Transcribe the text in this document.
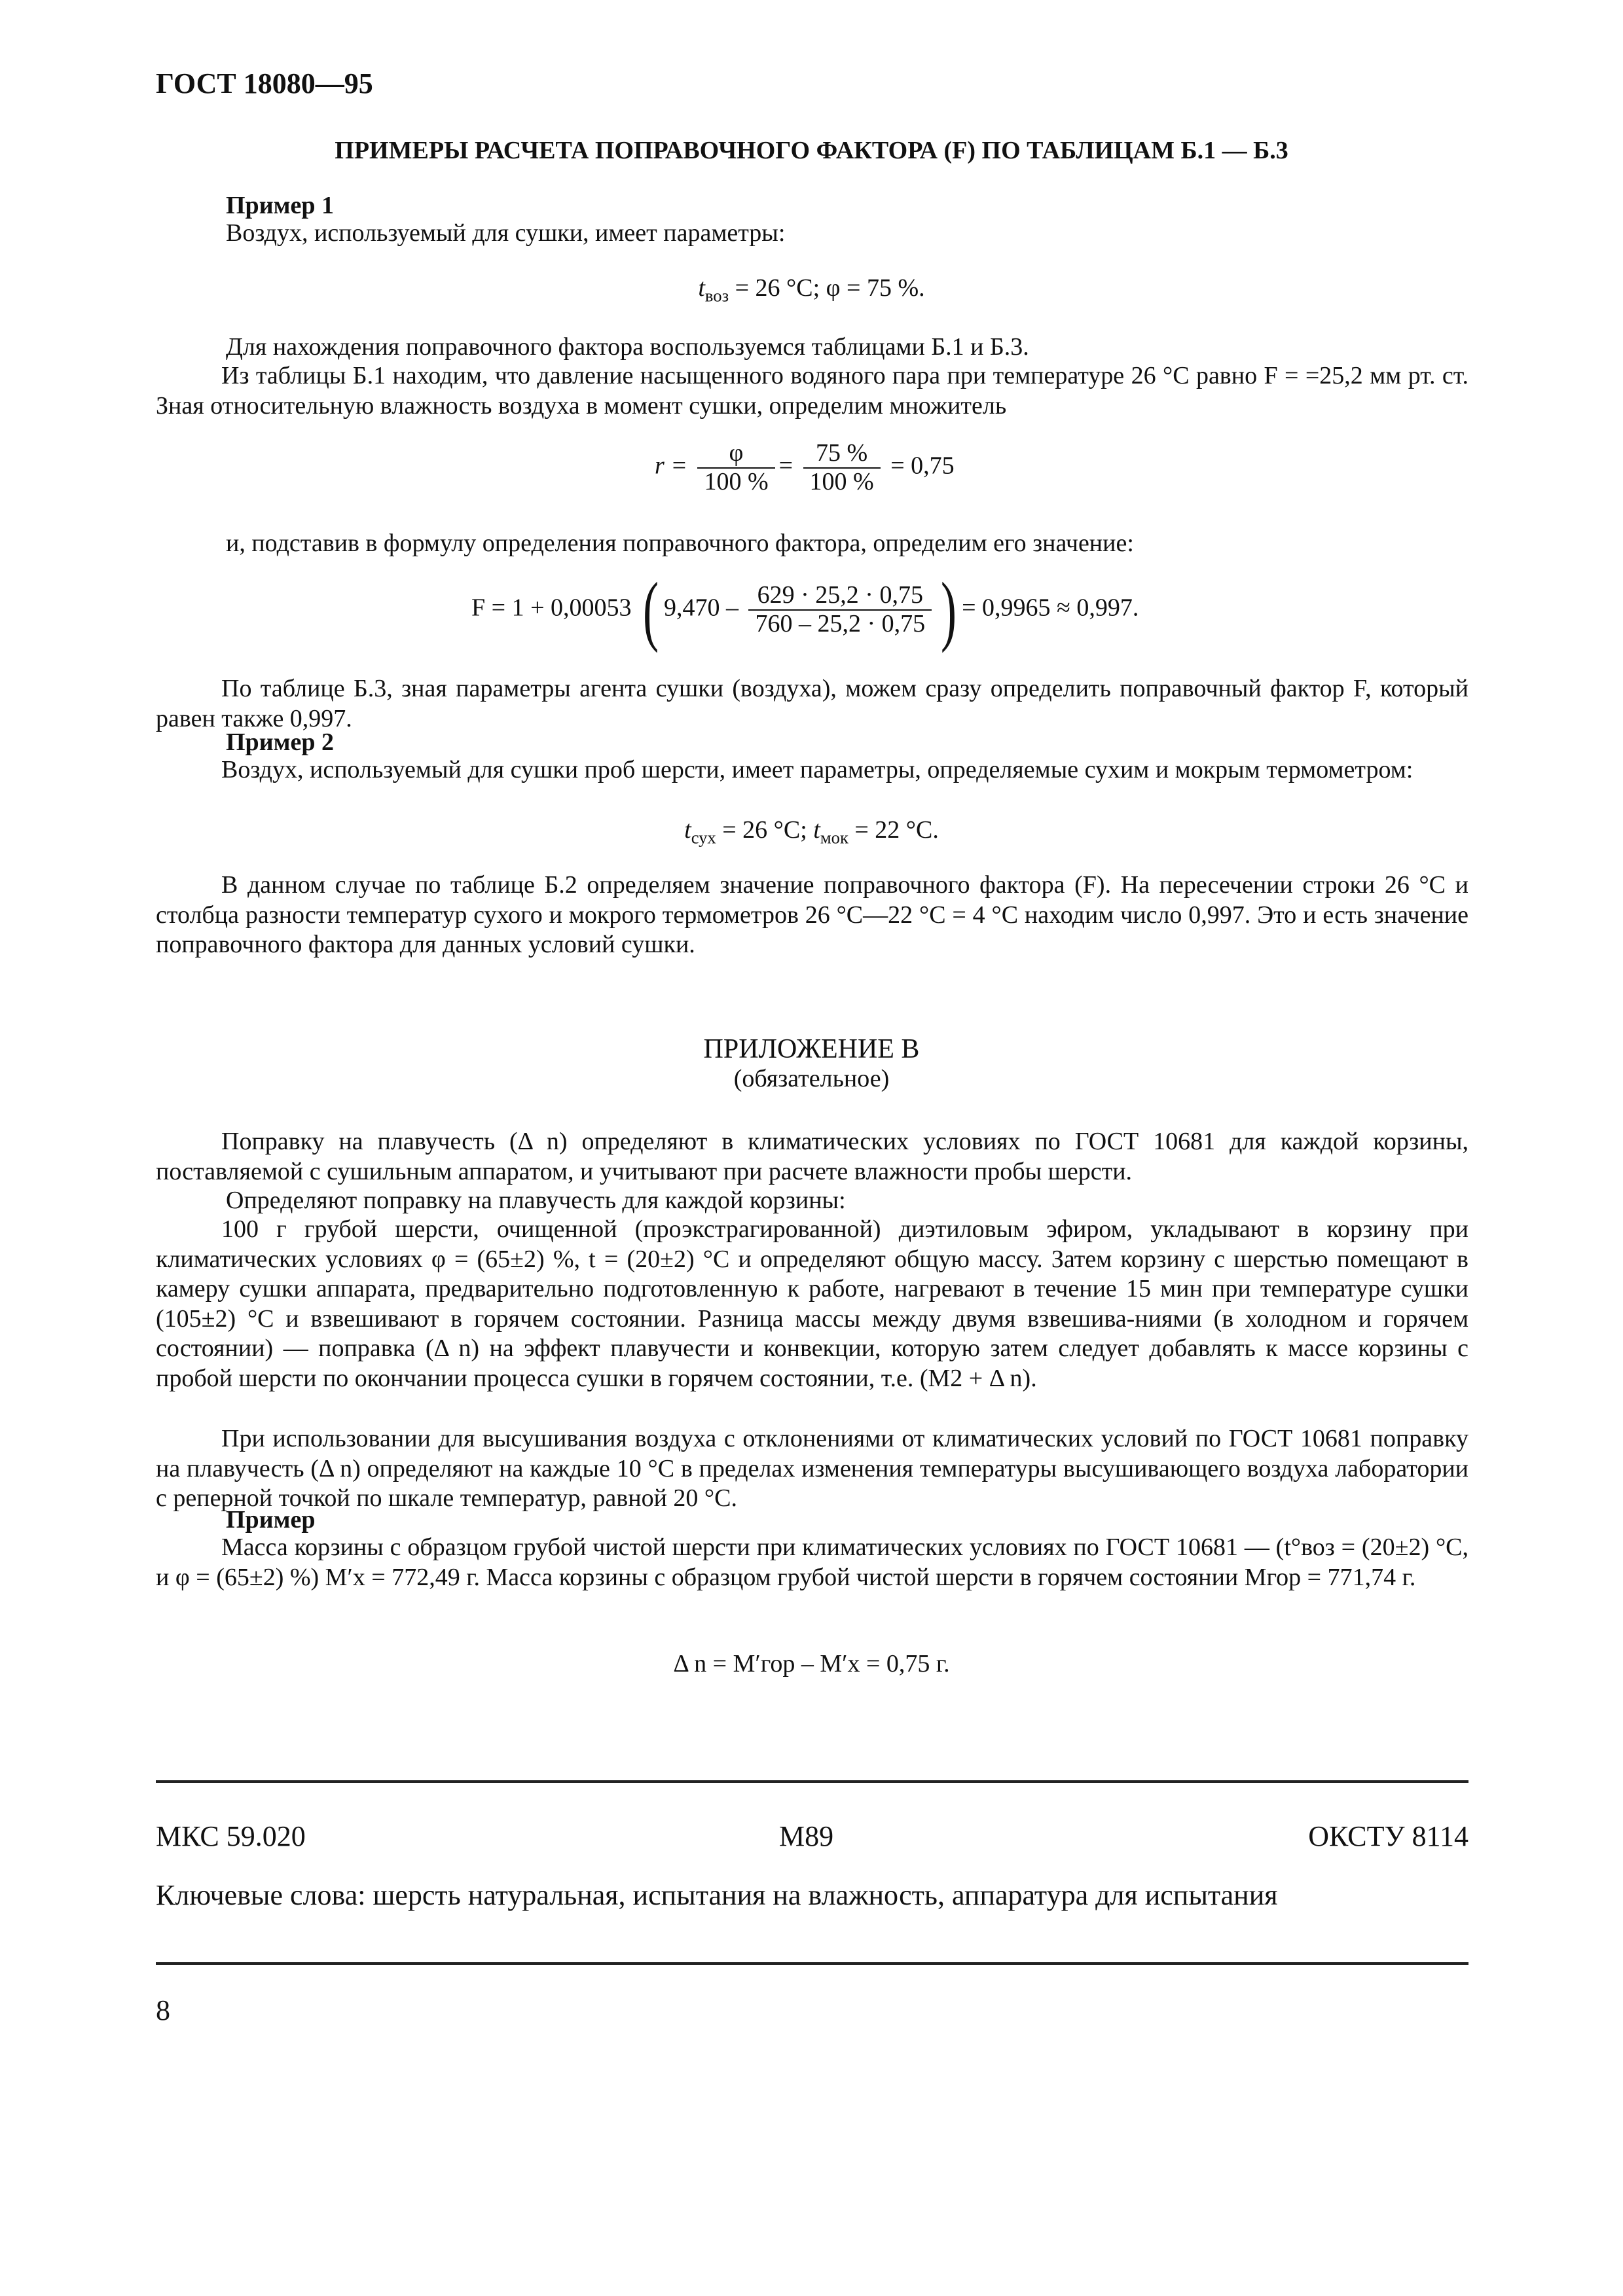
ГОСТ 18080—95
ПРИМЕРЫ РАСЧЕТА ПОПРАВОЧНОГО ФАКТОРА (F) ПО ТАБЛИЦАМ Б.1 — Б.3
Пример 1
Воздух, используемый для сушки, имеет параметры:
$t_{воз} = 26$ °С; φ = 75 %.
Для нахождения поправочного фактора воспользуемся таблицами Б.1 и Б.3.
Из таблицы Б.1 находим, что давление насыщенного водяного пара при температуре 26 °С равно F = =25,2 мм рт. ст. Зная относительную влажность воздуха в момент сушки, определим множитель
$r = \frac{\varphi}{100 \%} = \frac{75 \%}{100 \%} = 0,75$
и, подставив в формулу определения поправочного фактора, определим его значение:
F = 1 + 0,00053 ( $9,470 - \frac{629 \cdot 25,2 \cdot 0,75}{760 - 25,2 \cdot 0,75}$ ) = 0,9965 ≈ 0,997.
По таблице Б.3, зная параметры агента сушки (воздуха), можем сразу определить поправочный фактор F, который равен также 0,997.
Пример 2
Воздух, используемый для сушки проб шерсти, имеет параметры, определяемые сухим и мокрым термометром:
$t_{сух} = 26$ °С; $t_{мок} = 22$ °С.
В данном случае по таблице Б.2 определяем значение поправочного фактора (F). На пересечении строки 26 °С и столбца разности температур сухого и мокрого термометров 26 °С—22 °С = 4 °С находим число 0,997. Это и есть значение поправочного фактора для данных условий сушки.
ПРИЛОЖЕНИЕ В
(обязательное)
Поправку на плавучесть (Δ n) определяют в климатических условиях по ГОСТ 10681 для каждой корзины, поставляемой с сушильным аппаратом, и учитывают при расчете влажности пробы шерсти.
Определяют поправку на плавучесть для каждой корзины:
100 г грубой шерсти, очищенной (проэкстрагированной) диэтиловым эфиром, укладывают в корзину при климатических условиях φ = (65±2) %, t = (20±2) °С и определяют общую массу. Затем корзину с шерстью помещают в камеру сушки аппарата, предварительно подготовленную к работе, нагревают в течение 15 мин при температуре сушки (105±2) °С и взвешивают в горячем состоянии. Разница массы между двумя взвешива-ниями (в холодном и горячем состоянии) — поправка (Δ n) на эффект плавучести и конвекции, которую затем следует добавлять к массе корзины с пробой шерсти по окончании процесса сушки в горячем состоянии, т.е. (M2 + Δ n).
При использовании для высушивания воздуха с отклонениями от климатических условий по ГОСТ 10681 поправку на плавучесть (Δ n) определяют на каждые 10 °С в пределах изменения температуры высушивающего воздуха лаборатории с реперной точкой по шкале температур, равной 20 °С.
Пример
Масса корзины с образцом грубой чистой шерсти при климатических условиях по ГОСТ 10681 — (t°воз = (20±2) °С, и φ = (65±2) %) M′x = 772,49 г. Масса корзины с образцом грубой чистой шерсти в горячем состоянии Mгор = 771,74 г.
Δ n = M′гор – M′x = 0,75 г.
МКС 59.020	М89	ОКСТУ 8114
Ключевые слова: шерсть натуральная, испытания на влажность, аппаратура для испытания
8
